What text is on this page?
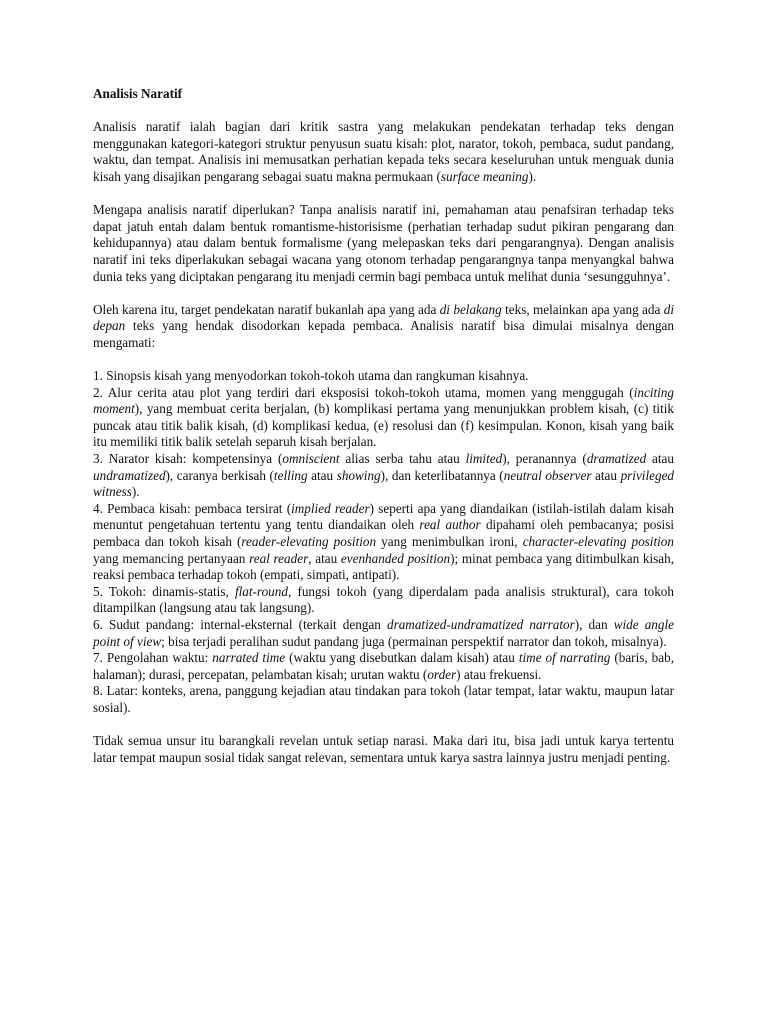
Analisis Naratif

Analisis naratif ialah bagian dari kritik sastra yang melakukan pendekatan terhadap teks dengan menggunakan kategori-kategori struktur penyusun suatu kisah: plot, narator, tokoh, pembaca, sudut pandang, waktu, dan tempat. Analisis ini memusatkan perhatian kepada teks secara keseluruhan untuk menguak dunia kisah yang disajikan pengarang sebagai suatu makna permukaan (surface meaning).

Mengapa analisis naratif diperlukan? Tanpa analisis naratif ini, pemahaman atau penafsiran terhadap teks dapat jatuh entah dalam bentuk romantisme-historisisme (perhatian terhadap sudut pikiran pengarang dan kehidupannya) atau dalam bentuk formalisme (yang melepaskan teks dari pengarangnya). Dengan analisis naratif ini teks diperlakukan sebagai wacana yang otonom terhadap pengarangnya tanpa menyangkal bahwa dunia teks yang diciptakan pengarang itu menjadi cermin bagi pembaca untuk melihat dunia ‘sesungguhnya’.

Oleh karena itu, target pendekatan naratif bukanlah apa yang ada di belakang teks, melainkan apa yang ada di depan teks yang hendak disodorkan kepada pembaca. Analisis naratif bisa dimulai misalnya dengan mengamati:

1. Sinopsis kisah yang menyodorkan tokoh-tokoh utama dan rangkuman kisahnya.
2. Alur cerita atau plot yang terdiri dari eksposisi tokoh-tokoh utama, momen yang menggugah (inciting moment), yang membuat cerita berjalan, (b) komplikasi pertama yang menunjukkan problem kisah, (c) titik puncak atau titik balik kisah, (d) komplikasi kedua, (e) resolusi dan (f) kesimpulan. Konon, kisah yang baik itu memiliki titik balik setelah separuh kisah berjalan.
3. Narator kisah: kompetensinya (omniscient alias serba tahu atau limited), peranannya (dramatized atau undramatized), caranya berkisah (telling atau showing), dan keterlibatannya (neutral observer atau privileged witness).
4. Pembaca kisah: pembaca tersirat (implied reader) seperti apa yang diandaikan (istilah-istilah dalam kisah menuntut pengetahuan tertentu yang tentu diandaikan oleh real author dipahami oleh pembacanya; posisi pembaca dan tokoh kisah (reader-elevating position yang menimbulkan ironi, character-elevating position yang memancing pertanyaan real reader, atau evenhanded position); minat pembaca yang ditimbulkan kisah, reaksi pembaca terhadap tokoh (empati, simpati, antipati).
5. Tokoh: dinamis-statis, flat-round, fungsi tokoh (yang diperdalam pada analisis struktural), cara tokoh ditampilkan (langsung atau tak langsung).
6. Sudut pandang: internal-eksternal (terkait dengan dramatized-undramatized narrator), dan wide angle point of view; bisa terjadi peralihan sudut pandang juga (permainan perspektif narrator dan tokoh, misalnya).
7. Pengolahan waktu: narrated time (waktu yang disebutkan dalam kisah) atau time of narrating (baris, bab, halaman); durasi, percepatan, pelambatan kisah; urutan waktu (order) atau frekuensi.
8. Latar: konteks, arena, panggung kejadian atau tindakan para tokoh (latar tempat, latar waktu, maupun latar sosial).

Tidak semua unsur itu barangkali revelan untuk setiap narasi. Maka dari itu, bisa jadi untuk karya tertentu latar tempat maupun sosial tidak sangat relevan, sementara untuk karya sastra lainnya justru menjadi penting.
